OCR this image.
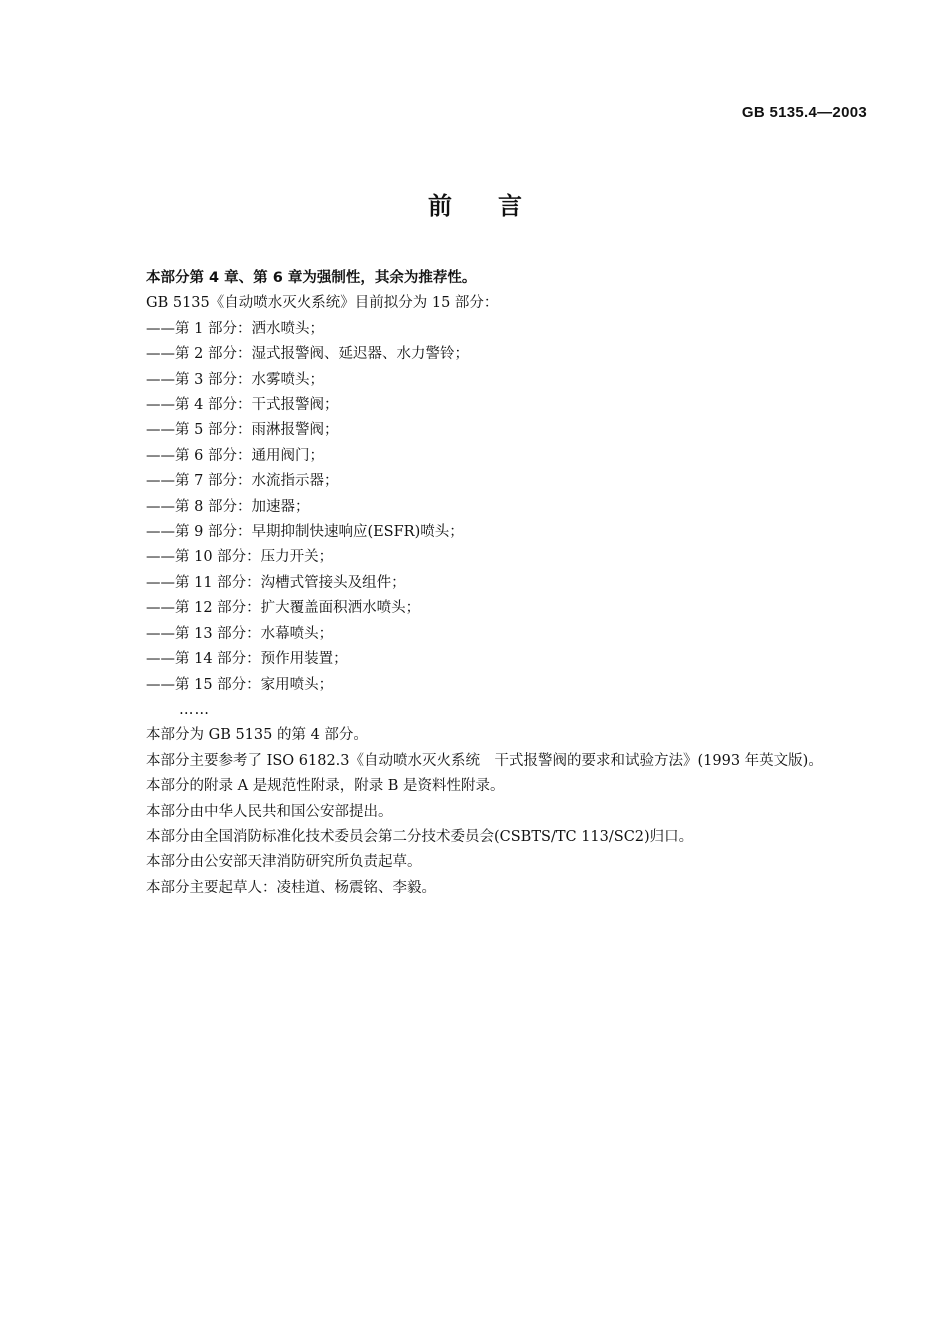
GB 5135.4—2003
前言

本部分第 4 章、第 6 章为强制性，其余为推荐性。

GB 5135《自动喷水灭火系统》目前拟分为 15 部分：

——第 1 部分：洒水喷头；

——第 2 部分：湿式报警阀、延迟器、水力警铃；

——第 3 部分：水雾喷头；

——第 4 部分：干式报警阀；

——第 5 部分：雨淋报警阀；

——第 6 部分：通用阀门；

——第 7 部分：水流指示器；

——第 8 部分：加速器；

——第 9 部分：早期抑制快速响应(ESFR)喷头；

——第 10 部分：压力开关；

——第 11 部分：沟槽式管接头及组件；

——第 12 部分：扩大覆盖面积洒水喷头；

——第 13 部分：水幕喷头；

——第 14 部分：预作用装置；

——第 15 部分：家用喷头；

……

本部分为 GB 5135 的第 4 部分。

本部分主要参考了 ISO 6182.3《自动喷水灭火系统　干式报警阀的要求和试验方法》(1993 年英文版)。

本部分的附录 A 是规范性附录，附录 B 是资料性附录。

本部分由中华人民共和国公安部提出。

本部分由全国消防标准化技术委员会第二分技术委员会(CSBTS/TC 113/SC2)归口。

本部分由公安部天津消防研究所负责起草。

本部分主要起草人：凌桂道、杨震铭、李毅。
